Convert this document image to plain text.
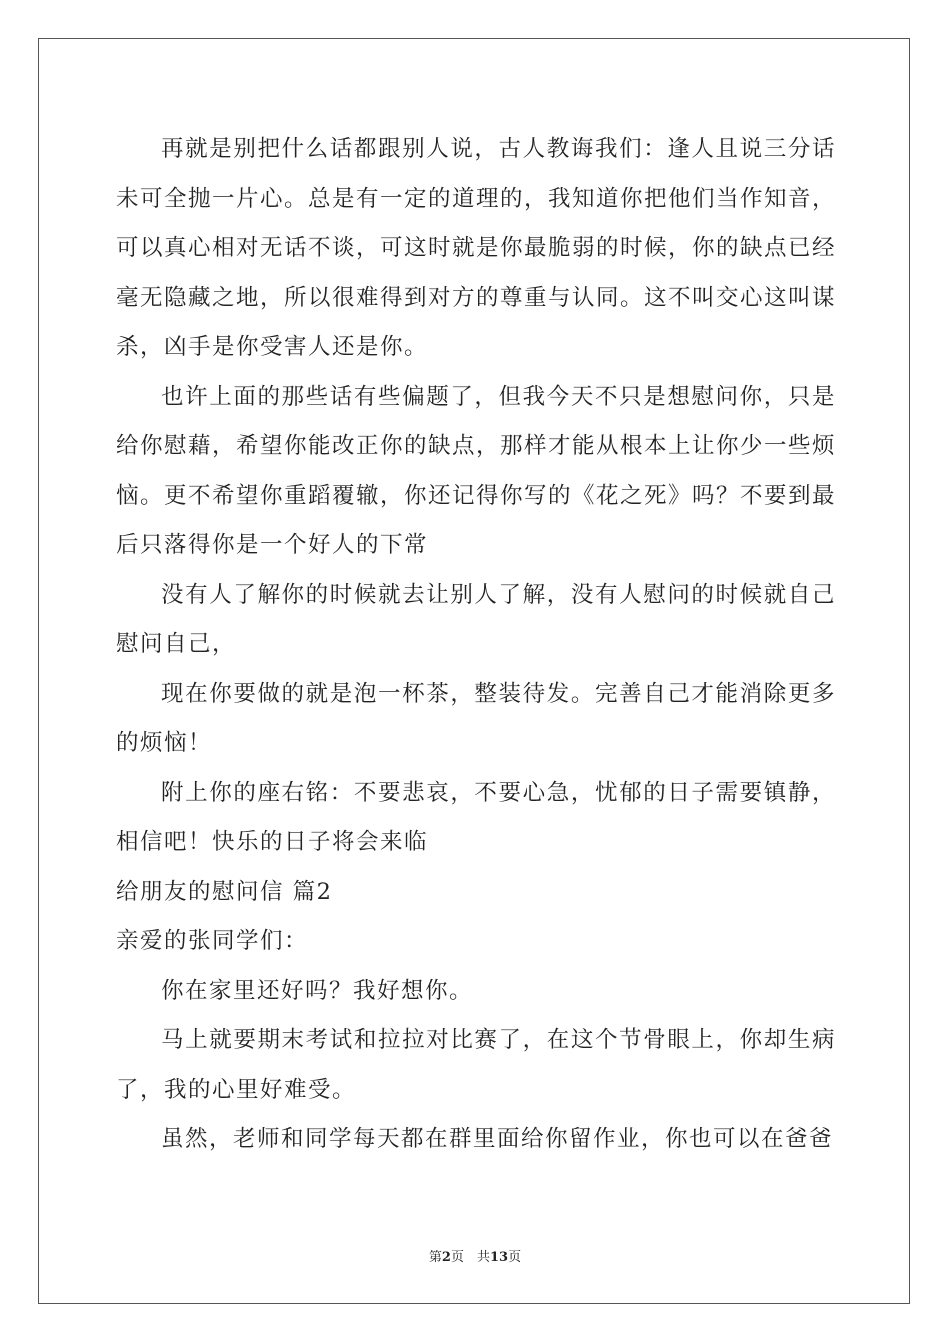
再就是别把什么话都跟别人说，古人教诲我们：逢人且说三分话未可全抛一片心。总是有一定的道理的，我知道你把他们当作知音，可以真心相对无话不谈，可这时就是你最脆弱的时候，你的缺点已经毫无隐藏之地，所以很难得到对方的尊重与认同。这不叫交心这叫谋杀，凶手是你受害人还是你。

也许上面的那些话有些偏题了，但我今天不只是想慰问你，只是给你慰藉，希望你能改正你的缺点，那样才能从根本上让你少一些烦恼。更不希望你重蹈覆辙，你还记得你写的《花之死》吗？不要到最后只落得你是一个好人的下常

没有人了解你的时候就去让别人了解，没有人慰问的时候就自己慰问自己，

现在你要做的就是泡一杯茶，整装待发。完善自己才能消除更多的烦恼！

附上你的座右铭：不要悲哀，不要心急，忧郁的日子需要镇静，相信吧！快乐的日子将会来临

给朋友的慰问信 篇2

亲爱的张同学们：

你在家里还好吗？我好想你。

马上就要期末考试和拉拉对比赛了，在这个节骨眼上，你却生病了，我的心里好难受。

虽然，老师和同学每天都在群里面给你留作业，你也可以在爸爸

第2页　共13页
